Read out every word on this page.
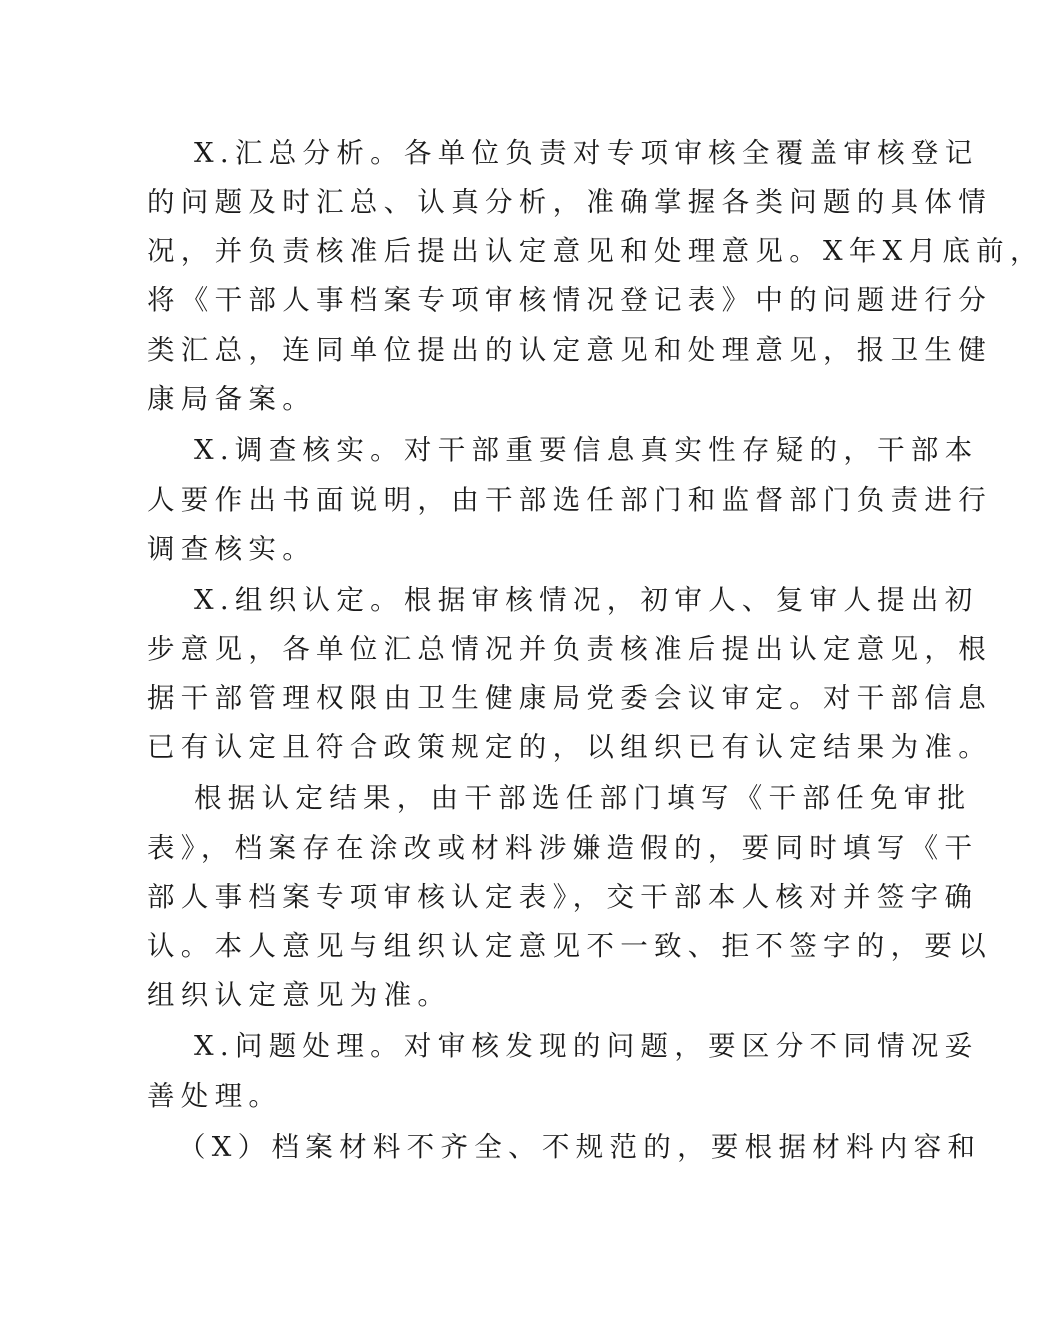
X.汇总分析。各单位负责对专项审核全覆盖审核登记
的问题及时汇总、认真分析，准确掌握各类问题的具体情
况，并负责核准后提出认定意见和处理意见。X年X月底前，
将《干部人事档案专项审核情况登记表》中的问题进行分
类汇总，连同单位提出的认定意见和处理意见，报卫生健
康局备案。
X.调查核实。对干部重要信息真实性存疑的，干部本
人要作出书面说明，由干部选任部门和监督部门负责进行
调查核实。
X.组织认定。根据审核情况，初审人、复审人提出初
步意见，各单位汇总情况并负责核准后提出认定意见，根
据干部管理权限由卫生健康局党委会议审定。对干部信息
已有认定且符合政策规定的，以组织已有认定结果为准。
根据认定结果，由干部选任部门填写《干部任免审批
表》，档案存在涂改或材料涉嫌造假的，要同时填写《干
部人事档案专项审核认定表》，交干部本人核对并签字确
认。本人意见与组织认定意见不一致、拒不签字的，要以
组织认定意见为准。
X.问题处理。对审核发现的问题，要区分不同情况妥
善处理。
（X）档案材料不齐全、不规范的，要根据材料内容和
